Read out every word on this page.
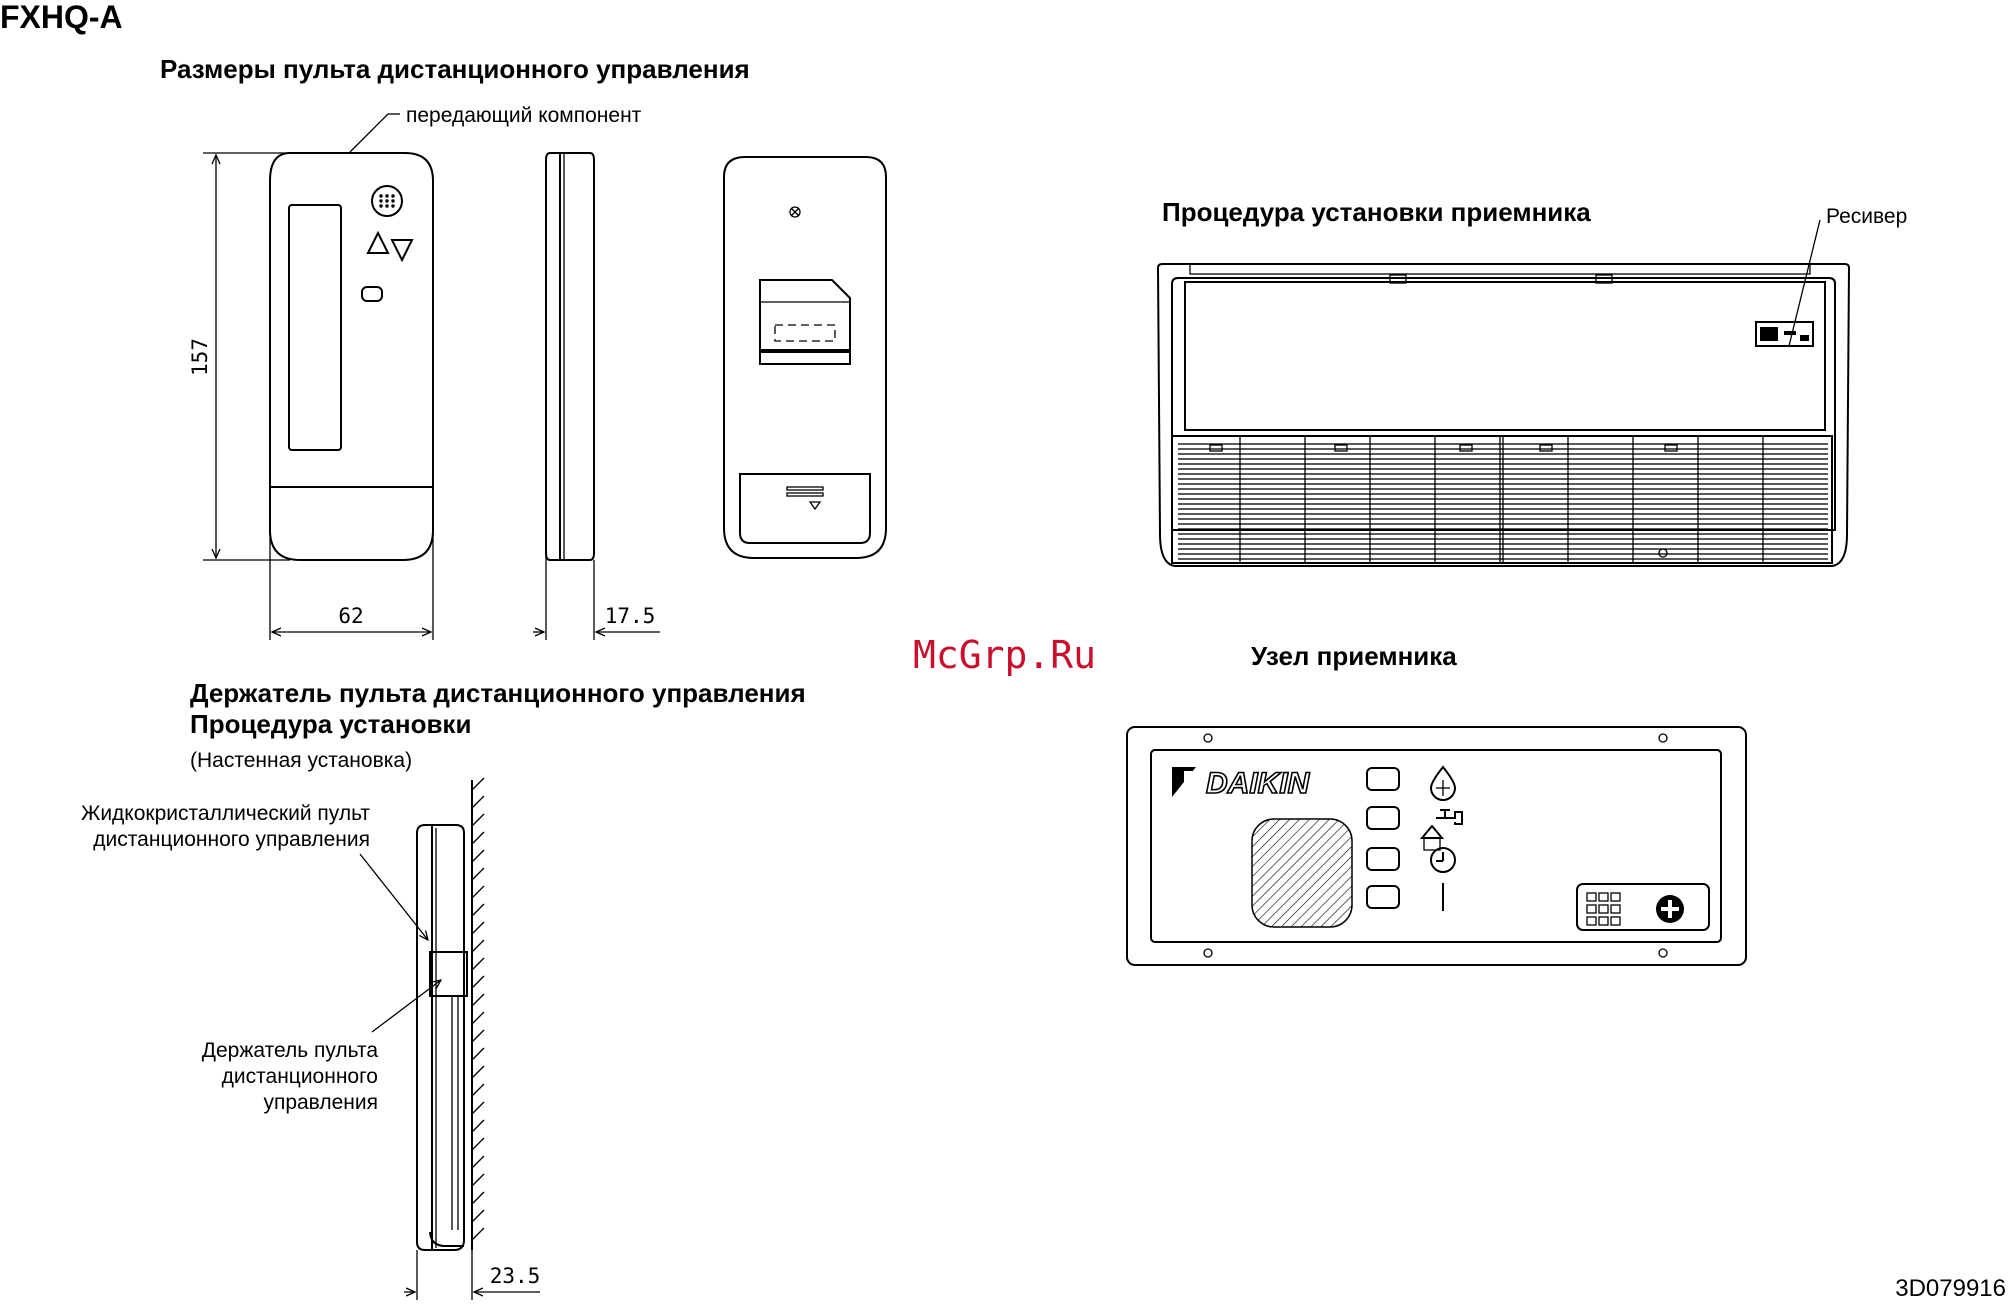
FXHQ-A
Размеры пульта дистанционного управления
передающий компонент
157
62	17.5
McGrp.Ru
Держатель пульта дистанционного управления
Процедура установки
(Настенная установка)
Жидкокристаллический пульт
дистанционного управления
Держатель пульта
дистанционного
управления
23.5
Процедура установки приемника	Ресивер
Узел приемника
DAIKIN
3D079916
